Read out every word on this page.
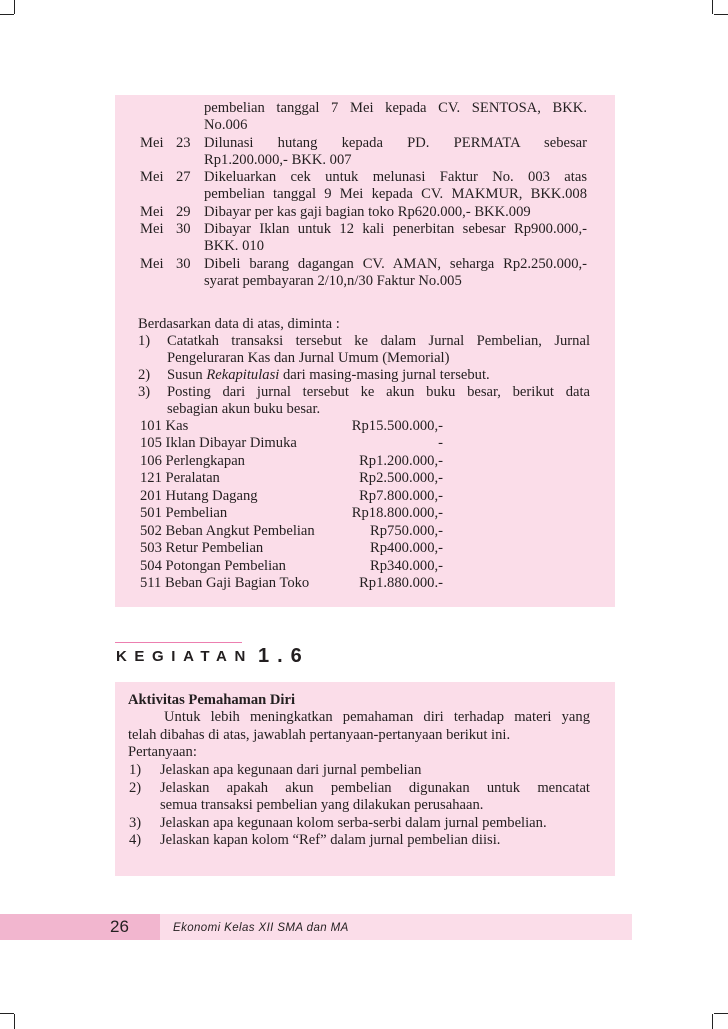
pembelian tanggal 7 Mei kepada CV. SENTOSA, BKK.
No.006
Mei 23 Dilunasi hutang kepada PD. PERMATA sebesar
Rp1.200.000,- BKK. 007
Mei 27 Dikeluarkan cek untuk melunasi Faktur No. 003 atas
pembelian tanggal 9 Mei kepada CV. MAKMUR, BKK.008
Mei 29 Dibayar per kas gaji bagian toko Rp620.000,- BKK.009
Mei 30 Dibayar Iklan untuk 12 kali penerbitan sebesar Rp900.000,-
BKK. 010
Mei 30 Dibeli barang dagangan CV. AMAN, seharga Rp2.250.000,-
syarat pembayaran 2/10,n/30 Faktur No.005
Berdasarkan data di atas, diminta :
1) Catatkah transaksi tersebut ke dalam Jurnal Pembelian, Jurnal
Pengeluraran Kas dan Jurnal Umum (Memorial)
2) Susun Rekapitulasi dari masing-masing jurnal tersebut.
3) Posting dari jurnal tersebut ke akun buku besar, berikut data
sebagian akun buku besar.
101 Kas	Rp15.500.000,-
105 Iklan Dibayar Dimuka	-
106 Perlengkapan	Rp1.200.000,-
121 Peralatan	Rp2.500.000,-
201 Hutang Dagang	Rp7.800.000,-
501 Pembelian	Rp18.800.000,-
502 Beban Angkut Pembelian	Rp750.000,-
503 Retur Pembelian	Rp400.000,-
504 Potongan Pembelian	Rp340.000,-
511 Beban Gaji Bagian Toko	Rp1.880.000.-
KEGIATAN 1.6
Aktivitas Pemahaman Diri
Untuk lebih meningkatkan pemahaman diri terhadap materi yang
telah dibahas di atas, jawablah pertanyaan-pertanyaan berikut ini.
Pertanyaan:
1) Jelaskan apa kegunaan dari jurnal pembelian
2) Jelaskan apakah akun pembelian digunakan untuk mencatat
semua transaksi pembelian yang dilakukan perusahaan.
3) Jelaskan apa kegunaan kolom serba-serbi dalam jurnal pembelian.
4) Jelaskan kapan kolom “Ref” dalam jurnal pembelian diisi.
26	Ekonomi Kelas XII SMA dan MA
